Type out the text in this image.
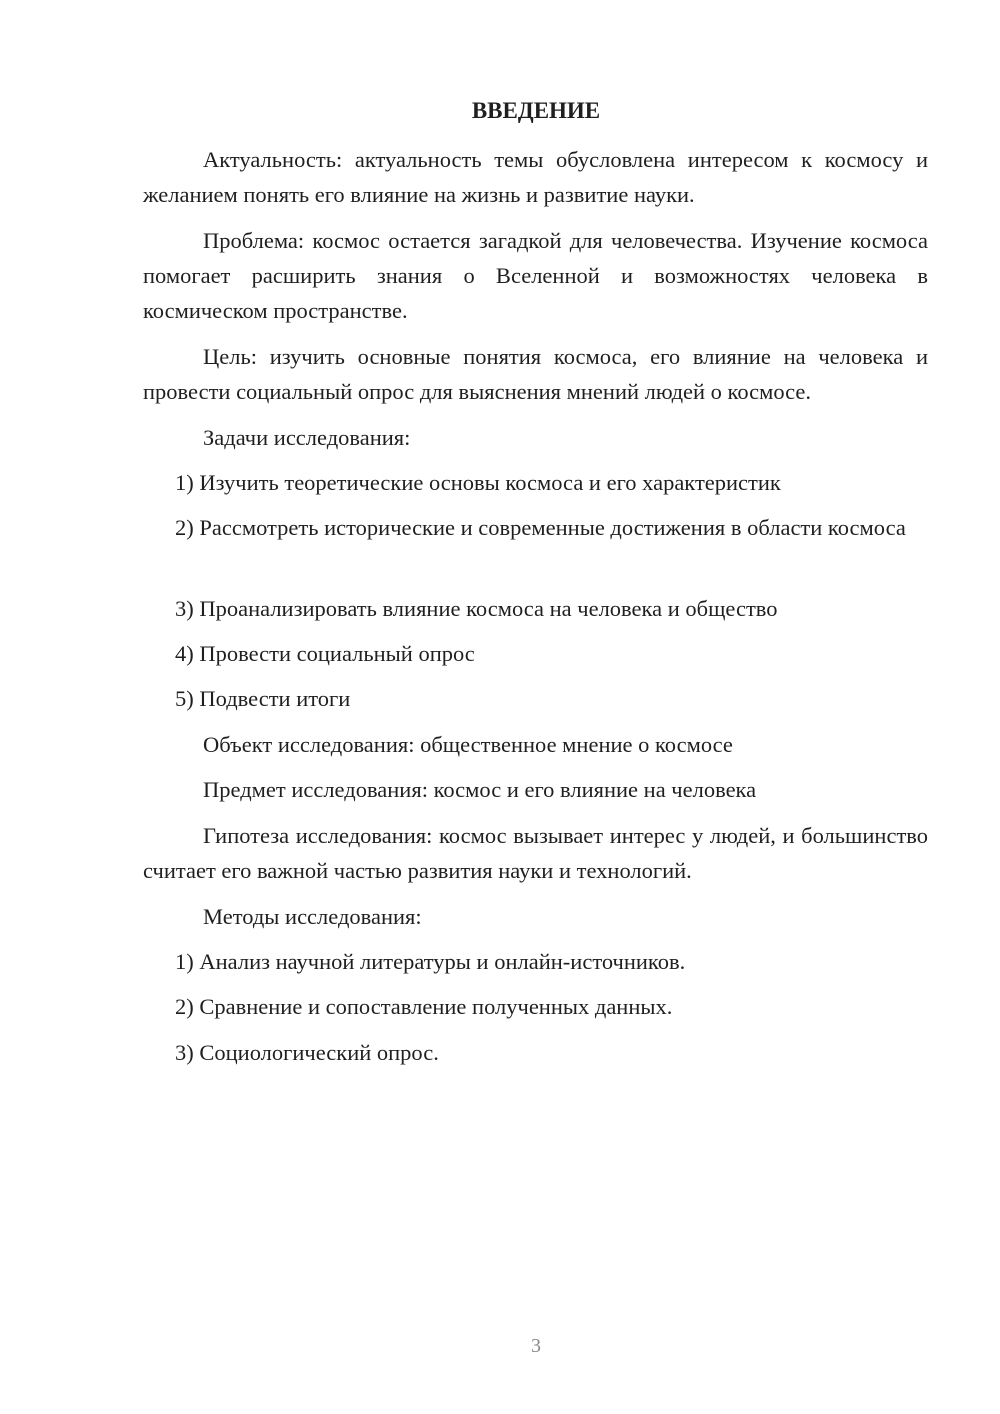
ВВЕДЕНИЕ

Актуальность: актуальность темы обусловлена интересом к космосу и желанием понять его влияние на жизнь и развитие науки.

Проблема: космос остается загадкой для человечества. Изучение космоса помогает расширить знания о Вселенной и возможностях человека в космическом пространстве.

Цель: изучить основные понятия космоса, его влияние на человека и провести социальный опрос для выяснения мнений людей о космосе.

Задачи исследования:

1) Изучить теоретические основы космоса и его характеристик

2) Рассмотреть исторические и современные достижения в области космоса

3) Проанализировать влияние космоса на человека и общество

4) Провести социальный опрос

5) Подвести итоги

Объект исследования: общественное мнение о космосе

Предмет исследования: космос и его влияние на человека

Гипотеза исследования: космос вызывает интерес у людей, и большинство считает его важной частью развития науки и технологий.

Методы исследования:

1) Анализ научной литературы и онлайн-источников.

2) Сравнение и сопоставление полученных данных.

3) Социологический опрос.

3
